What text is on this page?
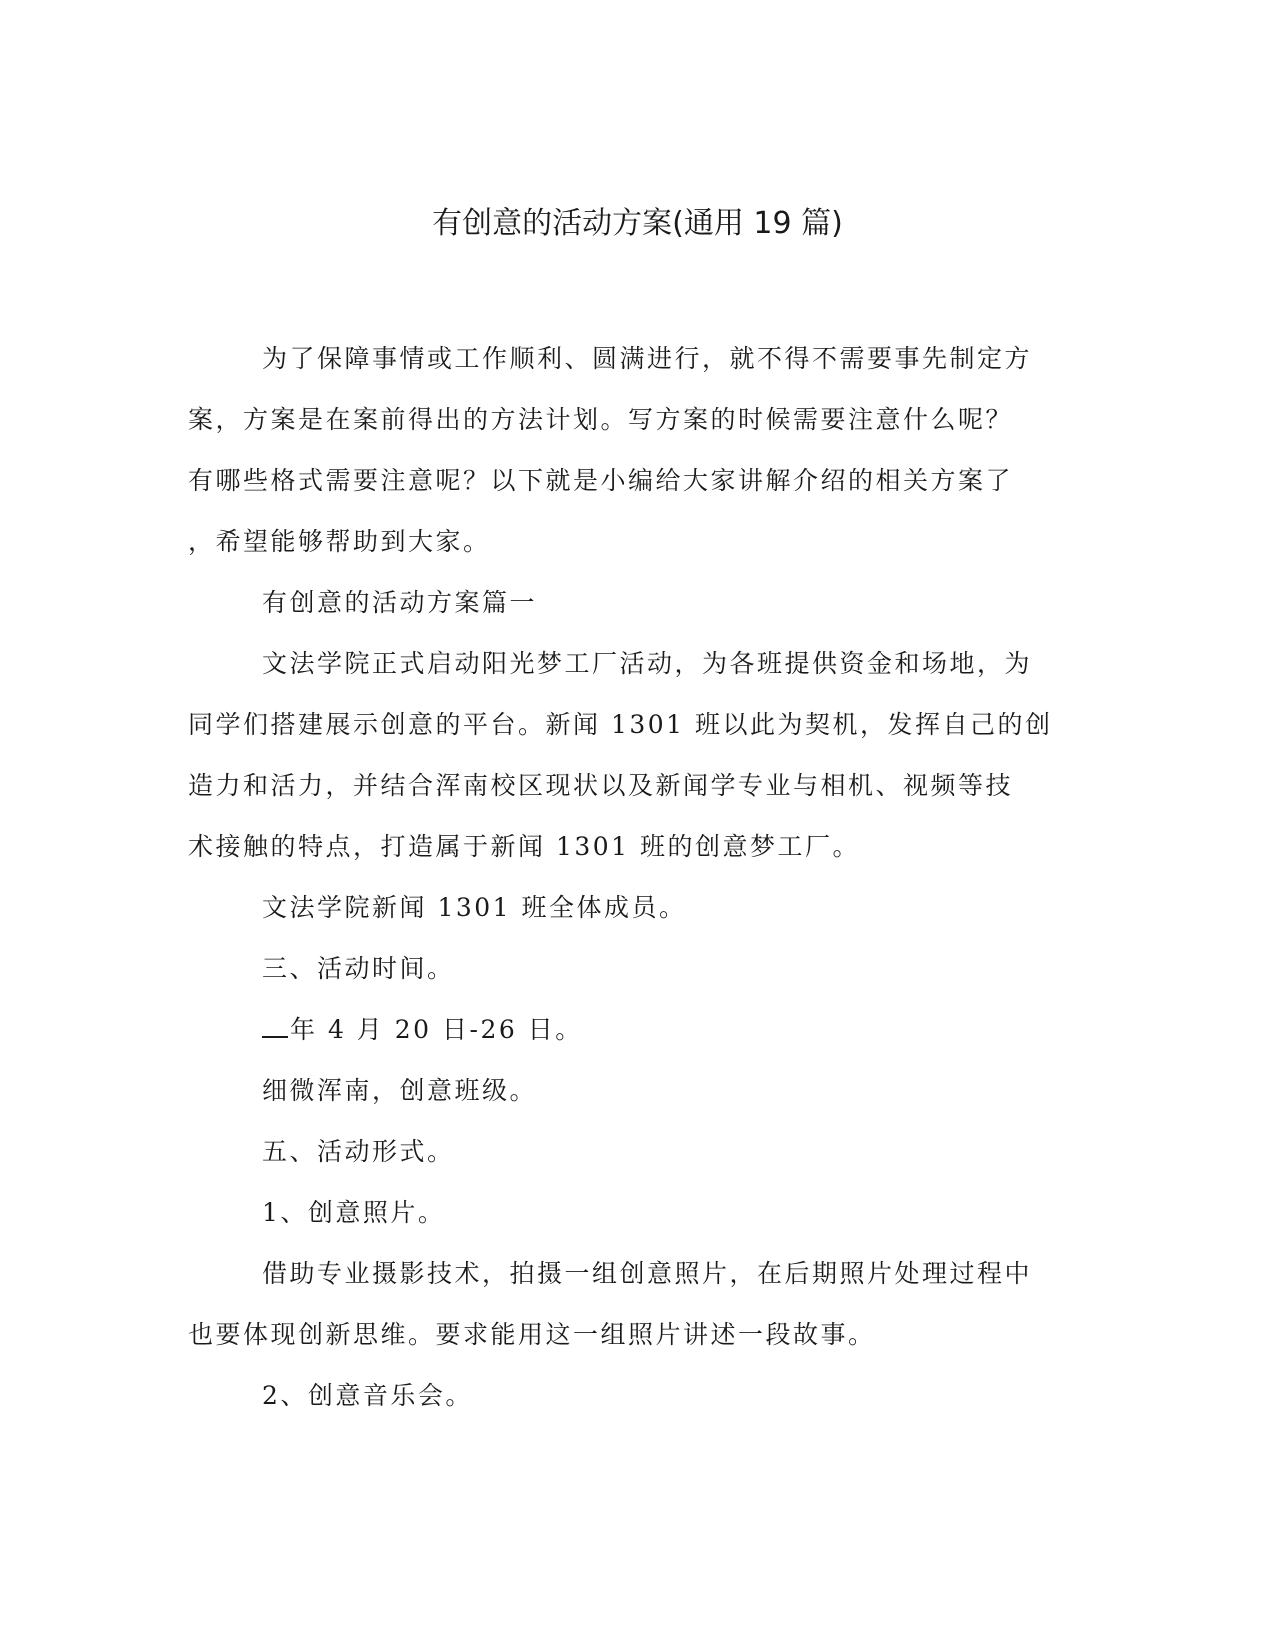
有创意的活动方案(通用 19 篇)

为了保障事情或工作顺利、圆满进行，就不得不需要事先制定方

案，方案是在案前得出的方法计划。写方案的时候需要注意什么呢？

有哪些格式需要注意呢？以下就是小编给大家讲解介绍的相关方案了

，希望能够帮助到大家。

有创意的活动方案篇一

文法学院正式启动阳光梦工厂活动，为各班提供资金和场地，为

同学们搭建展示创意的平台。新闻 1301 班以此为契机，发挥自己的创

造力和活力，并结合浑南校区现状以及新闻学专业与相机、视频等技

术接触的特点，打造属于新闻 1301 班的创意梦工厂。

文法学院新闻 1301 班全体成员。

三、活动时间。

年 4 月 20 日-26 日。

细微浑南，创意班级。

五、活动形式。

1、创意照片。

借助专业摄影技术，拍摄一组创意照片，在后期照片处理过程中

也要体现创新思维。要求能用这一组照片讲述一段故事。

2、创意音乐会。
